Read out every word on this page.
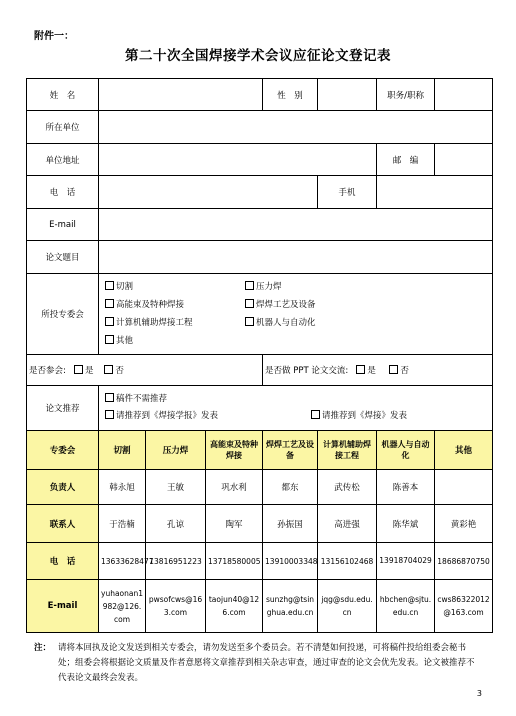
附件一：
第二十次全国焊接学术会议应征论文登记表
姓　名				性　别		职务/职称	
所在单位							
单位地址						邮　编	
电　话					手机		
E-mail							
论文题目							
所投专委会	切割 压力焊
高能束及特种焊接 焊焊工艺及设备
计算机辅助焊接工程 机器人与自动化
其他						
是否参会: 是 否				是否做 PPT 论文交流: 是 否			
论文推荐	稿件不需推荐
请推荐到《焊接学报》发表 请推荐到《焊接》发表						
专委会	切割	压力焊	高能束及特种焊接	焊焊工艺及设备	计算机辅助焊接工程	机器人与自动化	其他
负责人	韩永旭	王敏	巩水利	都东	武传松	陈善本	
联系人	于浩楠	孔谅	陶军	孙振国	高进强	陈华斌	黄彩艳
电　话	13633628477	13816951223	13718580005	13910003348	13156102468	13918704029	18686870750
E-mail	yuhaonan1982@126.com	pwsofcws@163.com	taojun40@126.com	sunzhg@tsinghua.edu.cn	jqg@sdu.edu.cn	hbchen@sjtu.edu.cn	cws86322012@163.com
注： 请将本回执及论文发送到相关专委会，请勿发送至多个委员会。若不清楚如何投递，可将稿件投给组委会秘书处；组委会将根据论文质量及作者意愿将文章推荐到相关杂志审查，通过审查的论文会优先发表。论文被推荐不代表论文最终会发表。
3
